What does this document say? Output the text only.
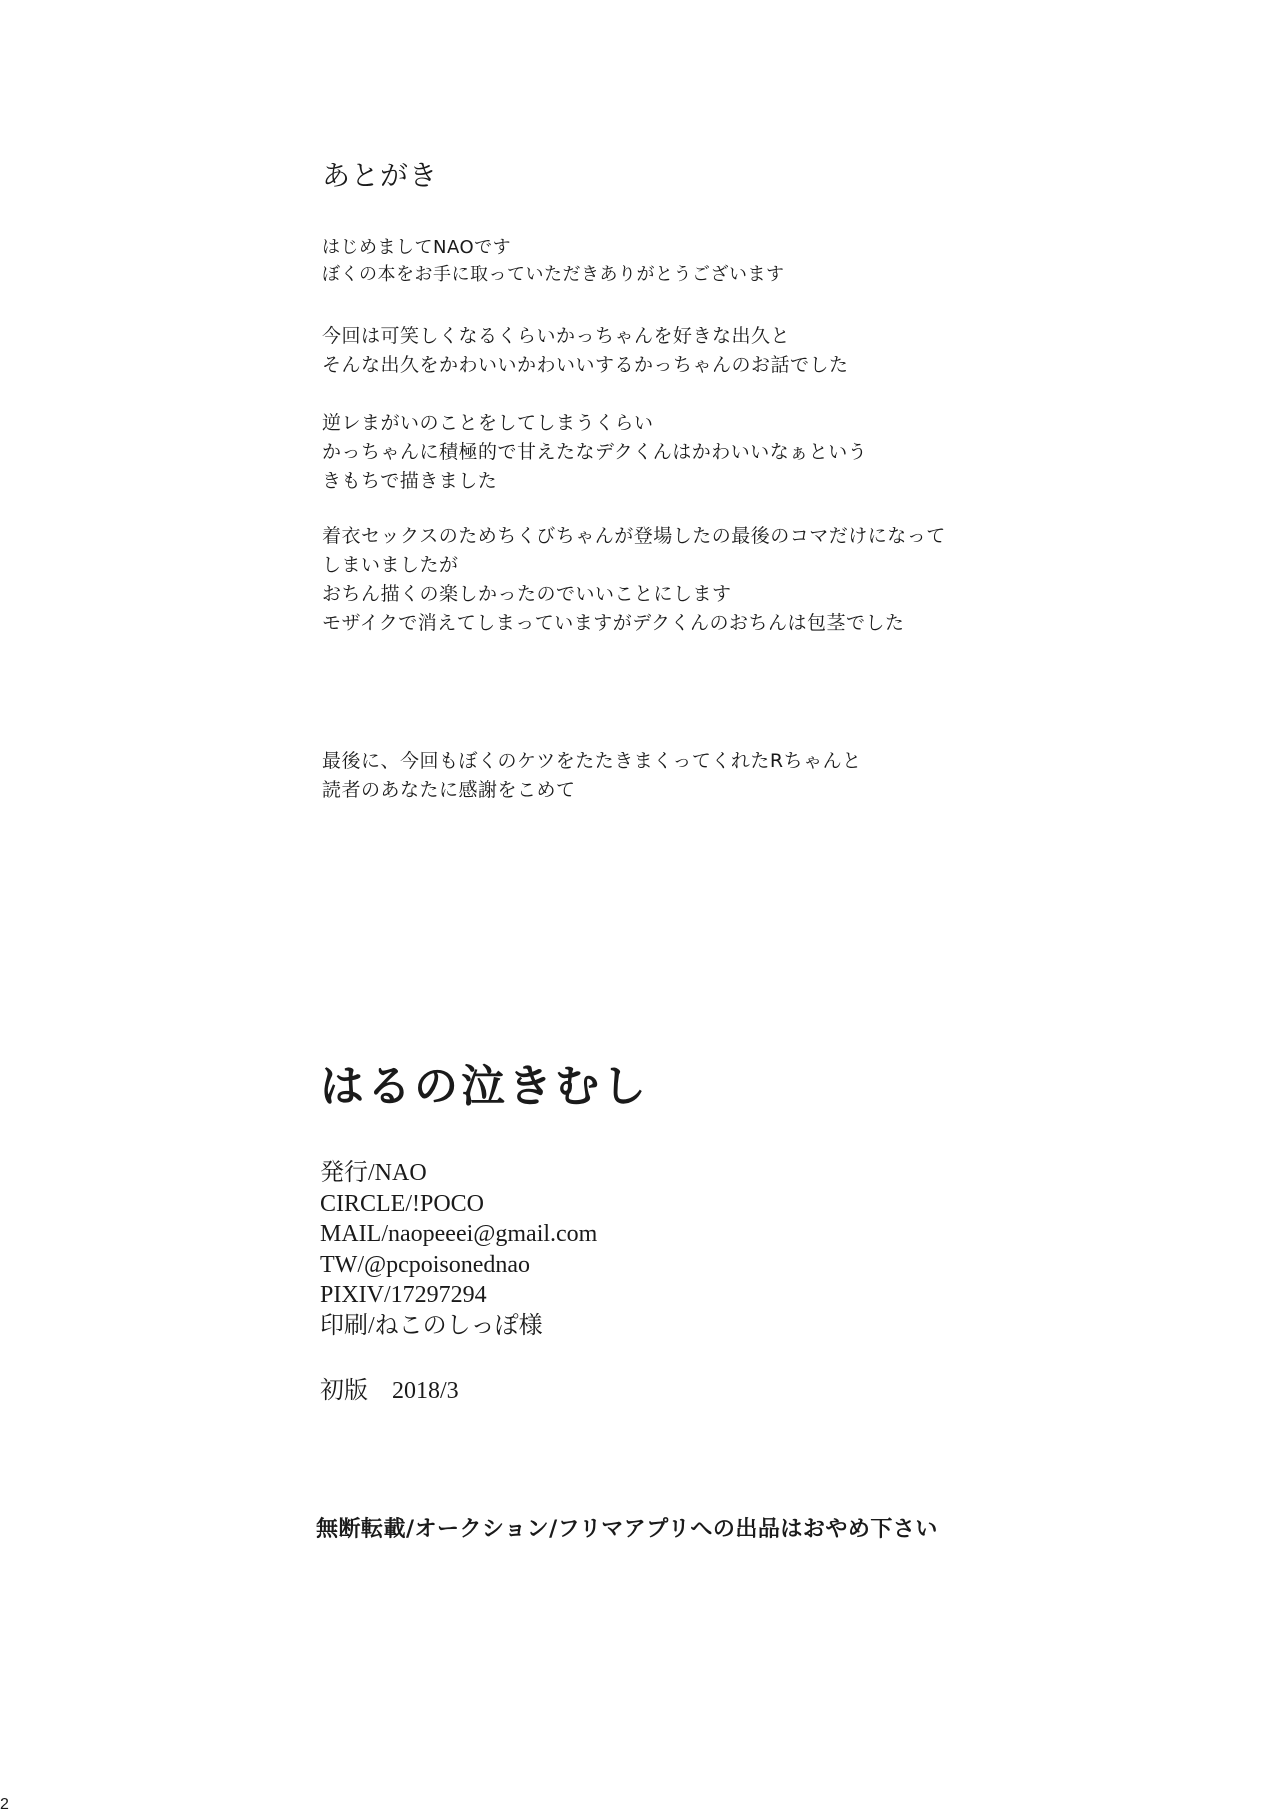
あとがき

はじめましてNAOです
ぼくの本をお手に取っていただきありがとうございます

今回は可笑しくなるくらいかっちゃんを好きな出久と
そんな出久をかわいいかわいいするかっちゃんのお話でした

逆レまがいのことをしてしまうくらい
かっちゃんに積極的で甘えたなデクくんはかわいいなぁという
きもちで描きました

着衣セックスのためちくびちゃんが登場したの最後のコマだけになって
しまいましたが
おちん描くの楽しかったのでいいことにします
モザイクで消えてしまっていますがデクくんのおちんは包茎でした

最後に、今回もぼくのケツをたたきまくってくれたRちゃんと
読者のあなたに感謝をこめて

はるの泣きむし
発行/NAO
CIRCLE/!POCO
MAIL/naopeeei@gmail.com
TW/@pcpoisonednao
PIXIV/17297294
印刷/ねこのしっぽ様
初版　2018/3
無断転載/オークション/フリマアプリへの出品はおやめ下さい
2
